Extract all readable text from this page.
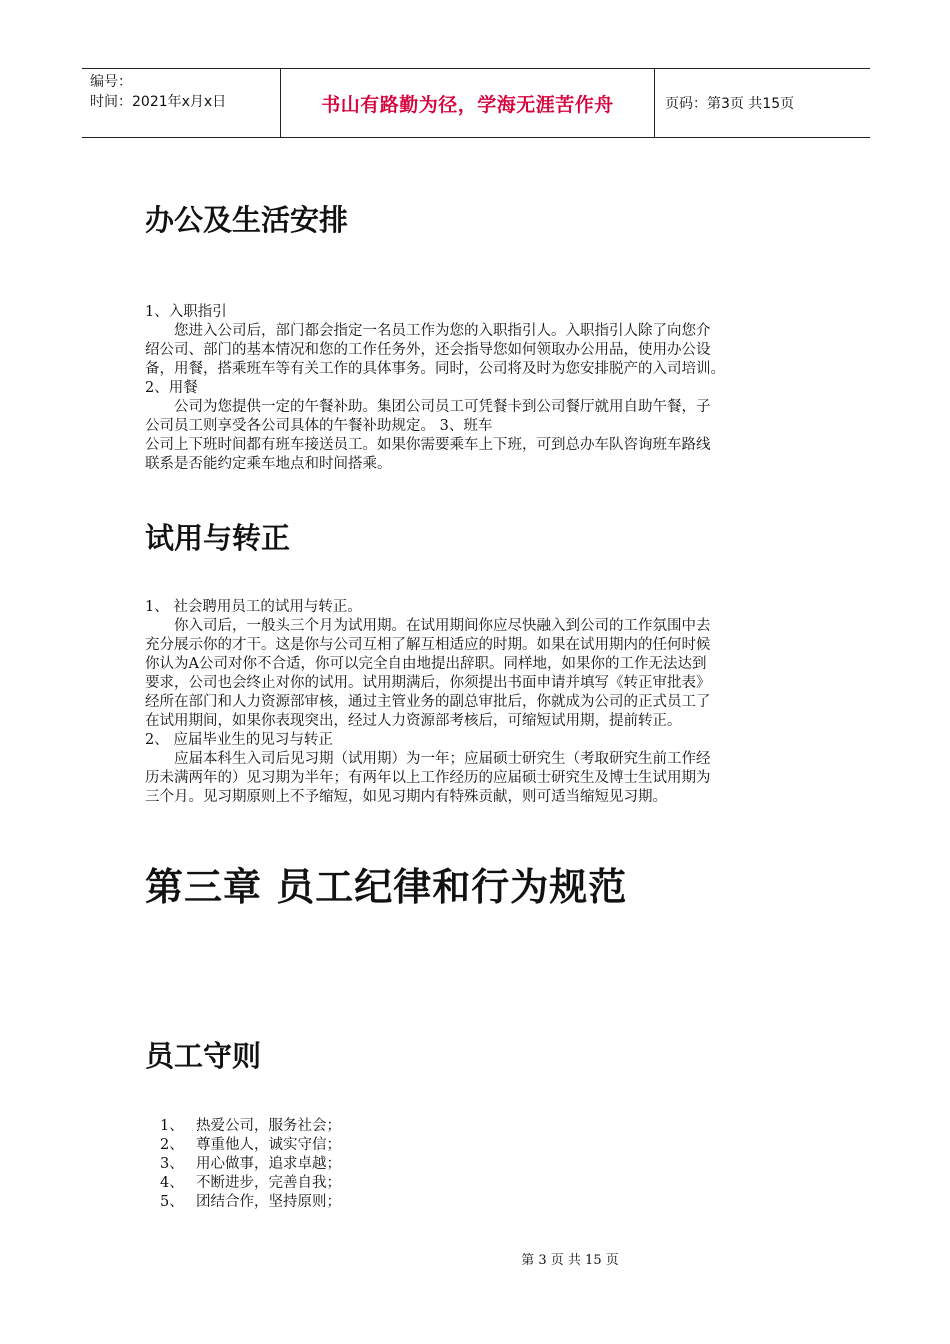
编号：
时间：2021年x月x日	书山有路勤为径，学海无涯苦作舟	页码：第3页 共15页
办公及生活安排

1、入职指引

您进入公司后，部门都会指定一名员工作为您的入职指引人。入职指引人除了向您介

绍公司、部门的基本情况和您的工作任务外，还会指导您如何领取办公用品，使用办公设

备，用餐，搭乘班车等有关工作的具体事务。同时，公司将及时为您安排脱产的入司培训。

2、用餐

公司为您提供一定的午餐补助。集团公司员工可凭餐卡到公司餐厅就用自助午餐，子

公司员工则享受各公司具体的午餐补助规定。 3、班车

公司上下班时间都有班车接送员工。如果你需要乘车上下班，可到总办车队咨询班车路线

联系是否能约定乘车地点和时间搭乘。

试用与转正

1、 社会聘用员工的试用与转正。

你入司后，一般头三个月为试用期。在试用期间你应尽快融入到公司的工作氛围中去

充分展示你的才干。这是你与公司互相了解互相适应的时期。如果在试用期内的任何时候

你认为A公司对你不合适，你可以完全自由地提出辞职。同样地，如果你的工作无法达到

要求，公司也会终止对你的试用。试用期满后，你须提出书面申请并填写《转正审批表》

经所在部门和人力资源部审核，通过主管业务的副总审批后，你就成为公司的正式员工了

在试用期间，如果你表现突出，经过人力资源部考核后，可缩短试用期，提前转正。

2、 应届毕业生的见习与转正

应届本科生入司后见习期（试用期）为一年；应届硕士研究生（考取研究生前工作经

历未满两年的）见习期为半年；有两年以上工作经历的应届硕士研究生及博士生试用期为

三个月。见习期原则上不予缩短，如见习期内有特殊贡献，则可适当缩短见习期。

第三章 员工纪律和行为规范
员工守则
1、 热爱公司，服务社会；
2、 尊重他人，诚实守信；
3、 用心做事，追求卓越；
4、 不断进步，完善自我；
5、 团结合作，坚持原则；
第 3 页 共 15 页
